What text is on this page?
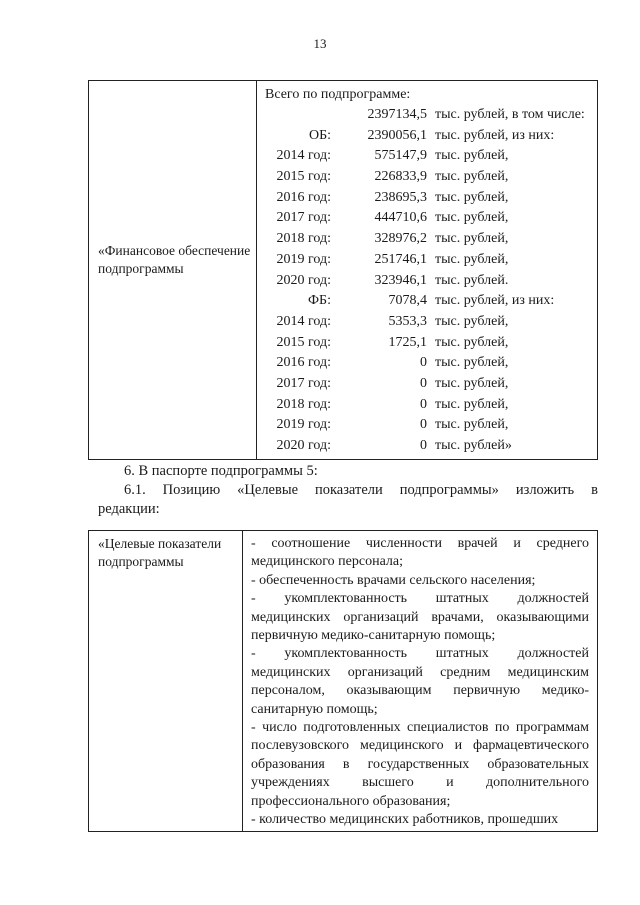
13
«Финансовое обеспечение подпрограммы	
Всего по подпрограмме:
2397134,5 тыс. рублей, в том числе:
ОБ:	2390056,1 тыс. рублей, из них:
2014 год:	575147,9 тыс. рублей,
2015 год:	226833,9 тыс. рублей,
2016 год:	238695,3 тыс. рублей,
2017 год:	444710,6 тыс. рублей,
2018 год:	328976,2 тыс. рублей,
2019 год:	251746,1 тыс. рублей,
2020 год:	323946,1 тыс. рублей.
ФБ:	7078,4 тыс. рублей, из них:
2014 год:	5353,3 тыс. рублей,
2015 год:	1725,1 тыс. рублей,
2016 год:	0 тыс. рублей,
2017 год:	0 тыс. рублей,
2018 год:	0 тыс. рублей,
2019 год:	0 тыс. рублей,
2020 год:	0 тыс. рублей»
6. В паспорте подпрограммы 5:
6.1. Позицию «Целевые показатели подпрограммы» изложить в
редакции:
«Целевые показатели подпрограммы	

- соотношение численности врачей и среднего медицинского персонала;

- обеспеченность врачами сельского населения;

- укомплектованность штатных должностей медицинских организаций врачами, оказывающими первичную медико-санитарную помощь;

- укомплектованность штатных должностей медицинских организаций средним медицинским персоналом, оказывающим первичную медико-санитарную помощь;

- число подготовленных специалистов по программам послевузовского медицинского и фармацевтического образования в государственных образовательных учреждениях высшего и дополнительного профессионального образования;

- количество медицинских работников, прошедших
